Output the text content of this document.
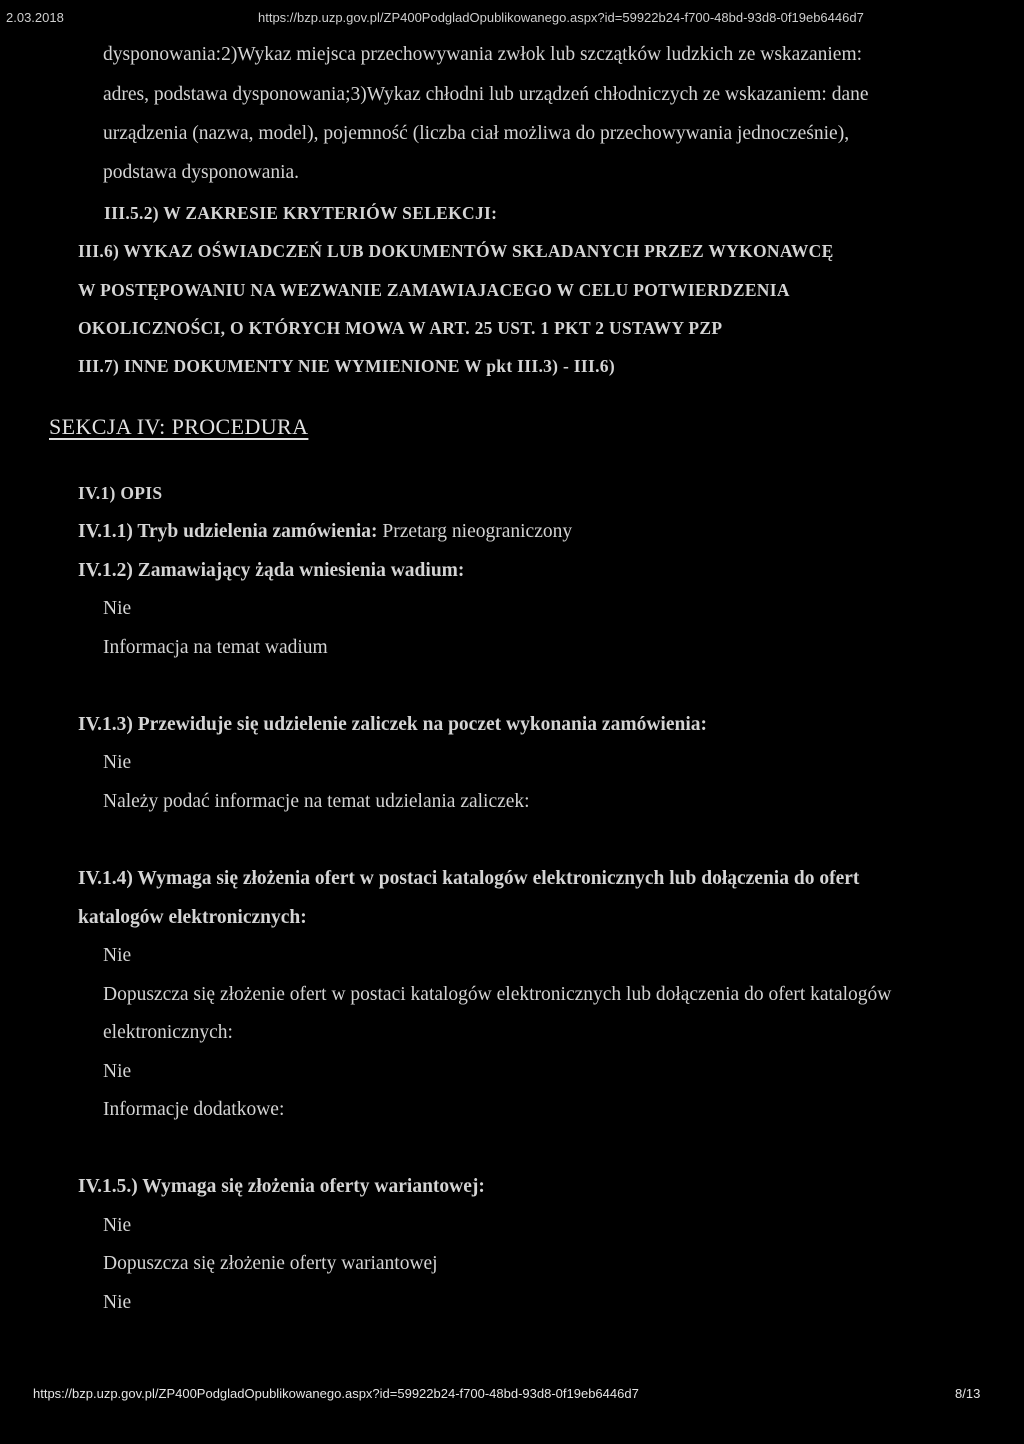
2.03.2018	https://bzp.uzp.gov.pl/ZP400PodgladOpublikowanego.aspx?id=59922b24-f700-48bd-93d8-0f19eb6446d7
dysponowania:2)Wykaz miejsca przechowywania zwłok lub szczątków ludzkich ze wskazaniem:
adres, podstawa dysponowania;3)Wykaz chłodni lub urządzeń chłodniczych ze wskazaniem: dane
urządzenia (nazwa, model), pojemność (liczba ciał możliwa do przechowywania jednocześnie),
podstawa dysponowania.
III.5.2) W ZAKRESIE KRYTERIÓW SELEKCJI:
III.6) WYKAZ OŚWIADCZEŃ LUB DOKUMENTÓW SKŁADANYCH PRZEZ WYKONAWCĘ
W POSTĘPOWANIU NA WEZWANIE ZAMAWIAJACEGO W CELU POTWIERDZENIA
OKOLICZNOŚCI, O KTÓRYCH MOWA W ART. 25 UST. 1 PKT 2 USTAWY PZP
III.7) INNE DOKUMENTY NIE WYMIENIONE W pkt III.3) - III.6)
SEKCJA IV: PROCEDURA
IV.1) OPIS
IV.1.1) Tryb udzielenia zamówienia: Przetarg nieograniczony
IV.1.2) Zamawiający żąda wniesienia wadium:
Nie
Informacja na temat wadium
IV.1.3) Przewiduje się udzielenie zaliczek na poczet wykonania zamówienia:
Nie
Należy podać informacje na temat udzielania zaliczek:
IV.1.4) Wymaga się złożenia ofert w postaci katalogów elektronicznych lub dołączenia do ofert
katalogów elektronicznych:
Nie
Dopuszcza się złożenie ofert w postaci katalogów elektronicznych lub dołączenia do ofert katalogów
elektronicznych:
Nie
Informacje dodatkowe:
IV.1.5.) Wymaga się złożenia oferty wariantowej:
Nie
Dopuszcza się złożenie oferty wariantowej
Nie
https://bzp.uzp.gov.pl/ZP400PodgladOpublikowanego.aspx?id=59922b24-f700-48bd-93d8-0f19eb6446d7	8/13
